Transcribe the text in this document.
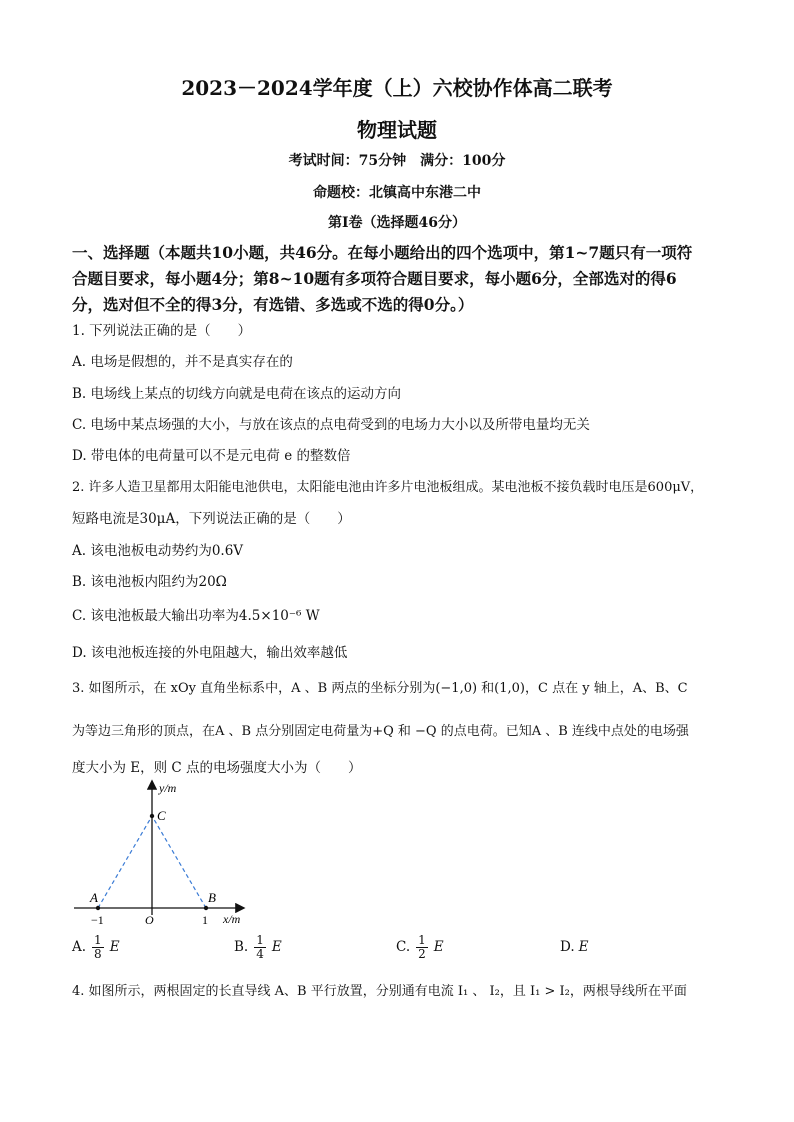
2023－2024学年度（上）六校协作体高二联考
物理试题
考试时间：75分钟　满分：100分
命题校：北镇高中东港二中
第Ⅰ卷（选择题46分）
一、选择题（本题共10小题，共46分。在每小题给出的四个选项中，第1~7题只有一项符
合题目要求，每小题4分；第8~10题有多项符合题目要求，每小题6分，全部选对的得6
分，选对但不全的得3分，有选错、多选或不选的得0分。）
1. 下列说法正确的是（　　）
A. 电场是假想的，并不是真实存在的
B. 电场线上某点的切线方向就是电荷在该点的运动方向
C. 电场中某点场强的大小，与放在该点的点电荷受到的电场力大小以及所带电量均无关
D. 带电体的电荷量可以不是元电荷 e 的整数倍
2. 许多人造卫星都用太阳能电池供电，太阳能电池由许多片电池板组成。某电池板不接负载时电压是600μV，
短路电流是30μA，下列说法正确的是（　　）
A. 该电池板电动势约为0.6V
B. 该电池板内阻约为20Ω
C. 该电池板最大输出功率为4.5×10⁻⁶ W
D. 该电池板连接的外电阻越大，输出效率越低
3. 如图所示，在 xOy 直角坐标系中，A 、B 两点的坐标分别为(−1,0) 和(1,0)，C 点在 y 轴上，A、B、C
为等边三角形的顶点，在A 、B 点分别固定电荷量为+Q 和 −Q 的点电荷。已知A 、B 连线中点处的电场强
度大小为 E，则 C 点的电场强度大小为（　　）
y/m
C
A	B
−1	O	1 x/m
A. $\frac{1}{8}$ E	B. $\frac{1}{4}$ E	C. $\frac{1}{2}$ E	D. E
4. 如图所示，两根固定的长直导线 A、B 平行放置，分别通有电流 I₁ 、 I₂，且 I₁ > I₂，两根导线所在平面
